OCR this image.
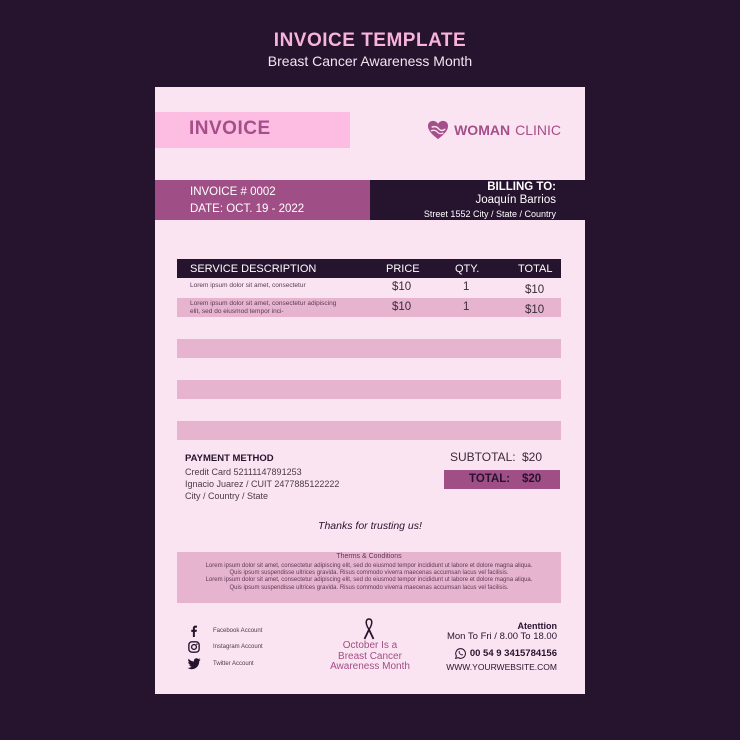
INVOICE TEMPLATE
Breast Cancer Awareness Month
INVOICE	WOMAN CLINIC
INVOICE # 0002
DATE: OCT. 19 - 2022
BILLING TO:
Joaquín Barrios
Street 1552 City / State / Country
SERVICE DESCRIPTION	PRICE	QTY.	TOTAL
Lorem ipsum dolor sit amet, consectetur	$10	1	$10
Lorem ipsum dolor sit amet, consectetur adipiscing elit, sed do eiusmod tempor inci-	$10	1	$10
PAYMENT METHOD
Credit Card 52111147891253
Ignacio Juarez / CUIT 2477885122222
City / Country / State
SUBTOTAL: $20
TOTAL: $20
Thanks for trusting us!
Therms & Conditions
Lorem ipsum dolor sit amet, consectetur adipiscing elit, sed do eiusmod tempor incididunt ut labore et dolore magna aliqua.
Quis ipsum suspendisse ultrices gravida. Risus commodo viverra maecenas accumsan lacus vel facilisis.
Lorem ipsum dolor sit amet, consectetur adipiscing elit, sed do eiusmod tempor incididunt ut labore et dolore magna aliqua.
Quis ipsum suspendisse ultrices gravida. Risus commodo viverra maecenas accumsan lacus vel facilisis.
Facebook Account
Instagram Account
Twitter Account
October Is a
Breast Cancer
Awareness Month
Atenttion
Mon To Fri / 8.00 To 18.00
00 54 9 3415784156
WWW.YOURWEBSITE.COM
